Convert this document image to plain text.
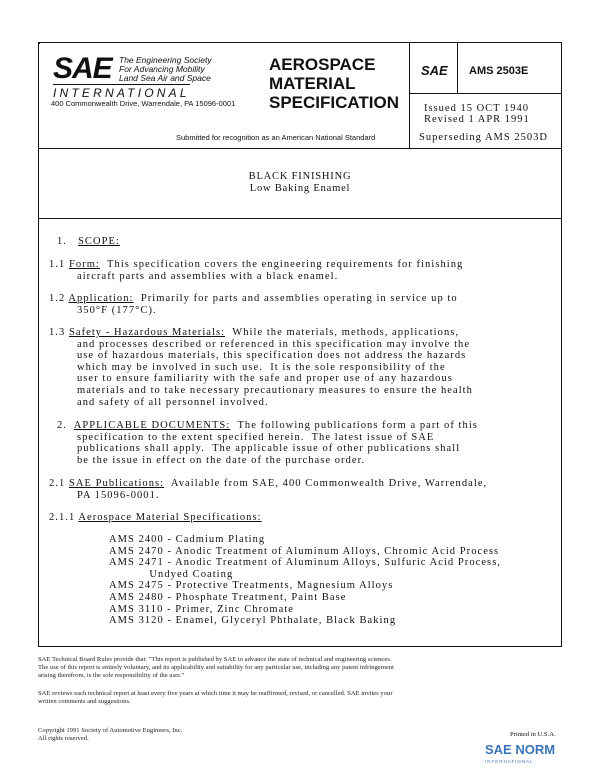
SAE The Engineering Society
For Advancing Mobility
Land Sea Air and Space
INTERNATIONAL
400 Commonwealth Drive, Warrendale, PA 15096-0001
AEROSPACE
MATERIAL
SPECIFICATION
Submitted for recognition as an American National Standard
SAE AMS 2503E
Issued 15 OCT 1940
Revised 1 APR 1991
Superseding AMS 2503D
BLACK FINISHING
Low Baking Enamel
1. SCOPE:
1.1 Form:  This specification covers the engineering requirements for finishing
aircraft parts and assemblies with a black enamel.
1.2 Application:  Primarily for parts and assemblies operating in service up to
350°F (177°C).
1.3 Safety - Hazardous Materials:  While the materials, methods, applications,
and processes described or referenced in this specification may involve the
use of hazardous materials, this specification does not address the hazards
which may be involved in such use.  It is the sole responsibility of the
user to ensure familiarity with the safe and proper use of any hazardous
materials and to take necessary precautionary measures to ensure the health
and safety of all personnel involved.
2. APPLICABLE DOCUMENTS:  The following publications form a part of this
specification to the extent specified herein.  The latest issue of SAE
publications shall apply.  The applicable issue of other publications shall
be the issue in effect on the date of the purchase order.
2.1 SAE Publications:  Available from SAE, 400 Commonwealth Drive, Warrendale,
PA 15096-0001.
2.1.1 Aerospace Material Specifications:
AMS 2400 - Cadmium Plating
AMS 2470 - Anodic Treatment of Aluminum Alloys, Chromic Acid Process
AMS 2471 - Anodic Treatment of Aluminum Alloys, Sulfuric Acid Process,
Undyed Coating
AMS 2475 - Protective Treatments, Magnesium Alloys
AMS 2480 - Phosphate Treatment, Paint Base
AMS 3110 - Primer, Zinc Chromate
AMS 3120 - Enamel, Glyceryl Phthalate, Black Baking
SAE Technical Board Rules provide that: "This report is published by SAE to advance the state of technical and engineering sciences.
The use of this report is entirely voluntary, and its applicability and suitability for any particular use, including any patent infringement
arising therefrom, is the sole responsibility of the user."
SAE reviews each technical report at least every five years at which time it may be reaffirmed, revised, or cancelled. SAE invites your
written comments and suggestions.
Copyright 1991 Society of Automotive Engineers, Inc.
All rights reserved.
Printed in U.S.A.
SAE NORM
INTERNATIONAL
